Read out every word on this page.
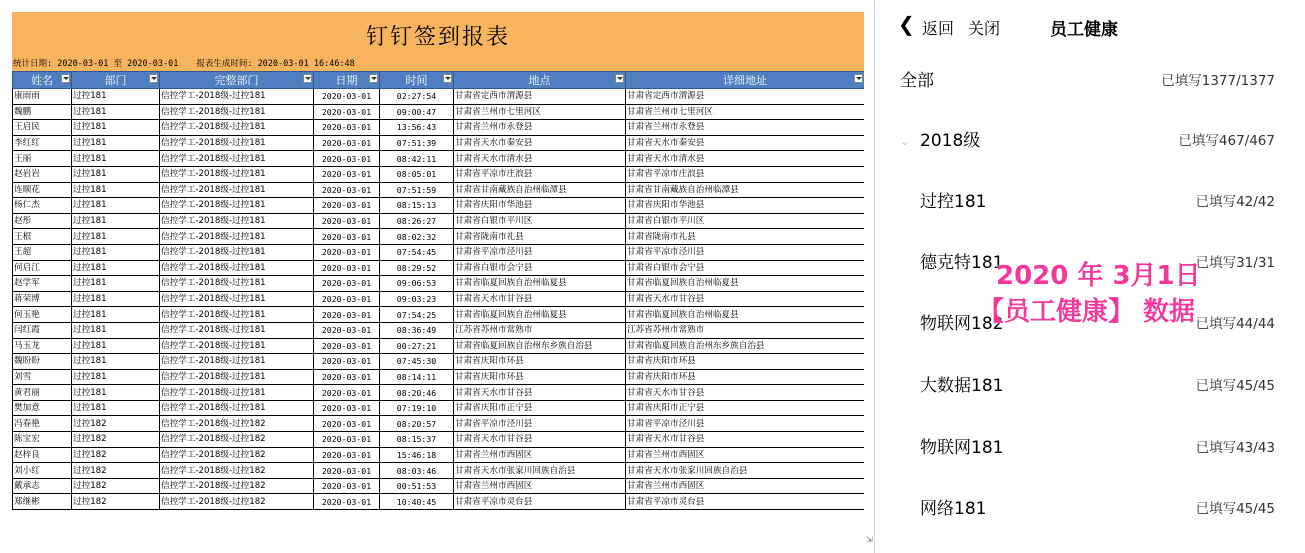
钉钉签到报表
统计日期: 2020-03-01 至 2020-03-01 报表生成时间: 2020-03-01 16:46:48
姓名	部门	完整部门	日期	时间	地点	详细地址

康雨雨	过控181	信控学工-2018级-过控181	2020-03-01	02:27:54	甘肃省定西市渭源县	甘肃省定西市渭源县
魏鹏	过控181	信控学工-2018级-过控181	2020-03-01	09:00:47	甘肃省兰州市七里河区	甘肃省兰州市七里河区
王启民	过控181	信控学工-2018级-过控181	2020-03-01	13:56:43	甘肃省兰州市永登县	甘肃省兰州市永登县
李红红	过控181	信控学工-2018级-过控181	2020-03-01	07:51:39	甘肃省天水市秦安县	甘肃省天水市秦安县
王丽	过控181	信控学工-2018级-过控181	2020-03-01	08:42:11	甘肃省天水市清水县	甘肃省天水市清水县
赵岩岩	过控181	信控学工-2018级-过控181	2020-03-01	08:05:01	甘肃省平凉市庄浪县	甘肃省平凉市庄浪县
连顺花	过控181	信控学工-2018级-过控181	2020-03-01	07:51:59	甘肃省甘南藏族自治州临潭县	甘肃省甘南藏族自治州临潭县
杨仁杰	过控181	信控学工-2018级-过控181	2020-03-01	08:15:13	甘肃省庆阳市华池县	甘肃省庆阳市华池县
赵彤	过控181	信控学工-2018级-过控181	2020-03-01	08:26:27	甘肃省白银市平川区	甘肃省白银市平川区
王根	过控181	信控学工-2018级-过控181	2020-03-01	08:02:32	甘肃省陇南市礼县	甘肃省陇南市礼县
王超	过控181	信控学工-2018级-过控181	2020-03-01	07:54:45	甘肃省平凉市泾川县	甘肃省平凉市泾川县
何启江	过控181	信控学工-2018级-过控181	2020-03-01	08:29:52	甘肃省白银市会宁县	甘肃省白银市会宁县
赵学军	过控181	信控学工-2018级-过控181	2020-03-01	09:06:53	甘肃省临夏回族自治州临夏县	甘肃省临夏回族自治州临夏县
蒋荣博	过控181	信控学工-2018级-过控181	2020-03-01	09:03:23	甘肃省天水市甘谷县	甘肃省天水市甘谷县
何玉艳	过控181	信控学工-2018级-过控181	2020-03-01	07:54:25	甘肃省临夏回族自治州临夏县	甘肃省临夏回族自治州临夏县
闫红霞	过控181	信控学工-2018级-过控181	2020-03-01	08:36:49	江苏省苏州市常熟市	江苏省苏州市常熟市
马玉龙	过控181	信控学工-2018级-过控181	2020-03-01	00:27:21	甘肃省临夏回族自治州东乡族自治县	甘肃省临夏回族自治州东乡族自治县
魏盼盼	过控181	信控学工-2018级-过控181	2020-03-01	07:45:30	甘肃省庆阳市环县	甘肃省庆阳市环县
刘雪	过控181	信控学工-2018级-过控181	2020-03-01	08:14:11	甘肃省庆阳市环县	甘肃省庆阳市环县
黄君丽	过控181	信控学工-2018级-过控181	2020-03-01	08:20:46	甘肃省天水市甘谷县	甘肃省天水市甘谷县
樊加意	过控181	信控学工-2018级-过控181	2020-03-01	07:19:10	甘肃省庆阳市正宁县	甘肃省庆阳市正宁县
冯春艳	过控182	信控学工-2018级-过控182	2020-03-01	08:20:57	甘肃省平凉市泾川县	甘肃省平凉市泾川县
陈宝宏	过控182	信控学工-2018级-过控182	2020-03-01	08:15:37	甘肃省天水市甘谷县	甘肃省天水市甘谷县
赵梓良	过控182	信控学工-2018级-过控182	2020-03-01	15:46:18	甘肃省兰州市西固区	甘肃省兰州市西固区
刘小红	过控182	信控学工-2018级-过控182	2020-03-01	08:03:46	甘肃省天水市张家川回族自治县	甘肃省天水市张家川回族自治县
戴承志	过控182	信控学工-2018级-过控182	2020-03-01	00:51:53	甘肃省兰州市西固区	甘肃省兰州市西固区
郑继彬	过控182	信控学工-2018级-过控182	2020-03-01	10:40:45	甘肃省平凉市灵台县	甘肃省平凉市灵台县
⇲
❮ 返回 关闭	员工健康
全部	已填写1377/1377
⌄ 2018级	已填写467/467
过控181	已填写42/42
德克特181	已填写31/31
物联网182	已填写44/44
大数据181	已填写45/45
物联网181	已填写43/43
网络181	已填写45/45
2020 年 3月1日
【员工健康】 数据
